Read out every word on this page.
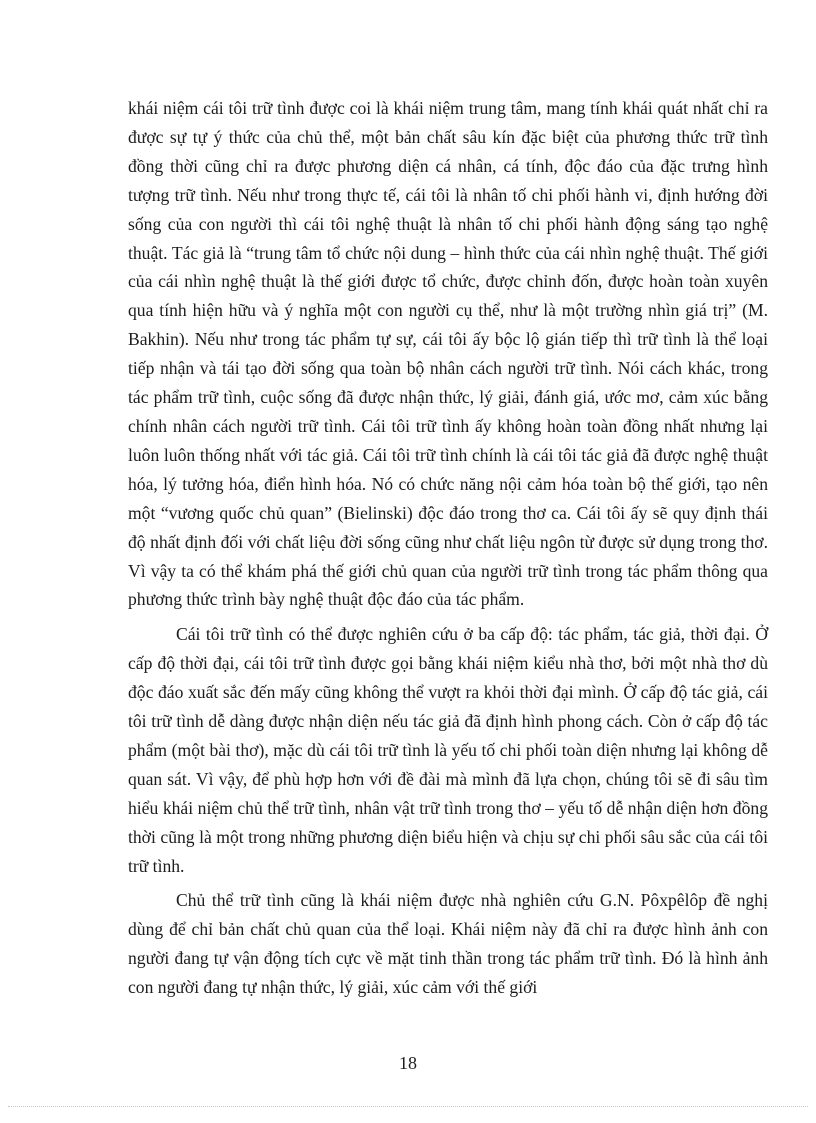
khái niệm cái tôi trữ tình được coi là khái niệm trung tâm, mang tính khái quát nhất chỉ ra được sự tự ý thức của chủ thể, một bản chất sâu kín đặc biệt của phương thức trữ tình đồng thời cũng chỉ ra được phương diện cá nhân, cá tính, độc đáo của đặc trưng hình tượng trữ tình. Nếu như trong thực tế, cái tôi là nhân tố chi phối hành vi, định hướng đời sống của con người thì cái tôi nghệ thuật là nhân tố chi phối hành động sáng tạo nghệ thuật. Tác giả là “trung tâm tổ chức nội dung – hình thức của cái nhìn nghệ thuật. Thế giới của cái nhìn nghệ thuật là thế giới được tổ chức, được chỉnh đốn, được hoàn toàn xuyên qua tính hiện hữu và ý nghĩa một con người cụ thể, như là một trường nhìn giá trị” (M. Bakhin). Nếu như trong tác phẩm tự sự, cái tôi ấy bộc lộ gián tiếp thì trữ tình là thể loại tiếp nhận và tái tạo đời sống qua toàn bộ nhân cách người trữ tình. Nói cách khác, trong tác phẩm trữ tình, cuộc sống đã được nhận thức, lý giải, đánh giá, ước mơ, cảm xúc bằng chính nhân cách người trữ tình. Cái tôi trữ tình ấy không hoàn toàn đồng nhất nhưng lại luôn luôn thống nhất với tác giả. Cái tôi trữ tình chính là cái tôi tác giả đã được nghệ thuật hóa, lý tưởng hóa, điển hình hóa. Nó có chức năng nội cảm hóa toàn bộ thế giới, tạo nên một “vương quốc chủ quan” (Bielinski) độc đáo trong thơ ca. Cái tôi ấy sẽ quy định thái độ nhất định đối với chất liệu đời sống cũng như chất liệu ngôn từ được sử dụng trong thơ. Vì vậy ta có thể khám phá thế giới chủ quan của người trữ tình trong tác phẩm thông qua phương thức trình bày nghệ thuật độc đáo của tác phẩm.

Cái tôi trữ tình có thể được nghiên cứu ở ba cấp độ: tác phẩm, tác giả, thời đại. Ở cấp độ thời đại, cái tôi trữ tình được gọi bằng khái niệm kiểu nhà thơ, bởi một nhà thơ dù độc đáo xuất sắc đến mấy cũng không thể vượt ra khỏi thời đại mình. Ở cấp độ tác giả, cái tôi trữ tình dễ dàng được nhận diện nếu tác giả đã định hình phong cách. Còn ở cấp độ tác phẩm (một bài thơ), mặc dù cái tôi trữ tình là yếu tố chi phối toàn diện nhưng lại không dễ quan sát. Vì vậy, để phù hợp hơn với đề đài mà mình đã lựa chọn, chúng tôi sẽ đi sâu tìm hiểu khái niệm chủ thể trữ tình, nhân vật trữ tình trong thơ – yếu tố dễ nhận diện hơn đồng thời cũng là một trong những phương diện biểu hiện và chịu sự chi phối sâu sắc của cái tôi trữ tình.

Chủ thể trữ tình cũng là khái niệm được nhà nghiên cứu G.N. Pôxpêlôp đề nghị dùng để chỉ bản chất chủ quan của thể loại. Khái niệm này đã chỉ ra được hình ảnh con người đang tự vận động tích cực về mặt tinh thần trong tác phẩm trữ tình. Đó là hình ảnh con người đang tự nhận thức, lý giải, xúc cảm với thế giới

18
